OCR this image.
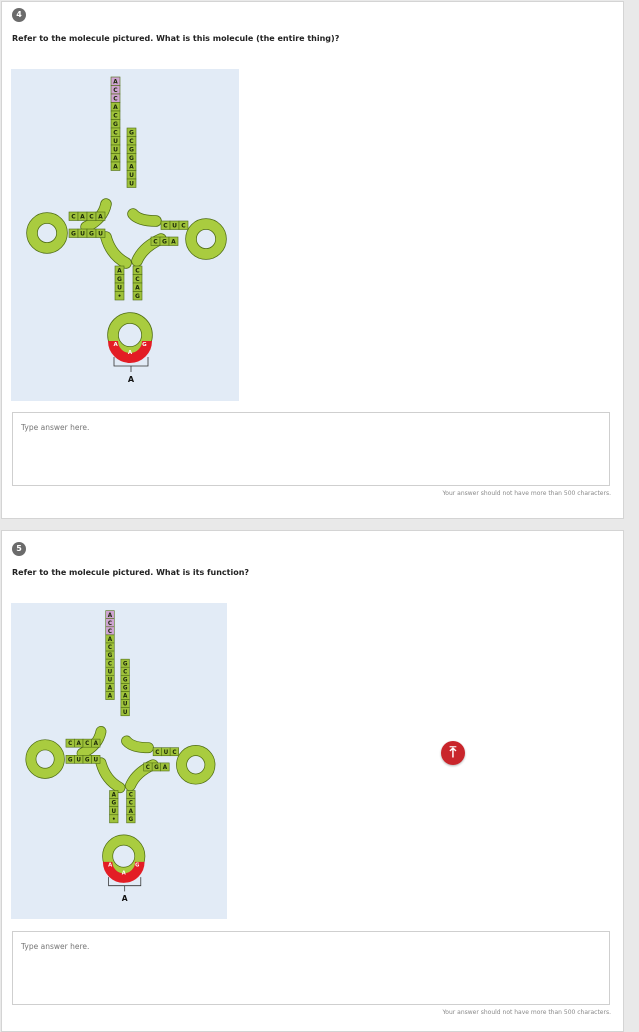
4
Refer to the molecule pictured. What is this molecule (the entire thing)?
A
A
G
A
C
C
A
C
G
C
U
U
A
A
G
C
G
G
A
U
U
C A C A
G U G U
C U C
C G A
A
G
U
•
C
C
A
G
A
Type answer here.
Your answer should not have more than 500 characters.
5
Refer to the molecule pictured. What is its function?
A
A
G
A
C
C
A
C
G
C
U
U
A
A
G
C
G
G
A
U
U
C A C A
G U G U
C U C
C G A
A
G
U
•
C
C
A
G
A
Type answer here.
Your answer should not have more than 500 characters.
⤒
